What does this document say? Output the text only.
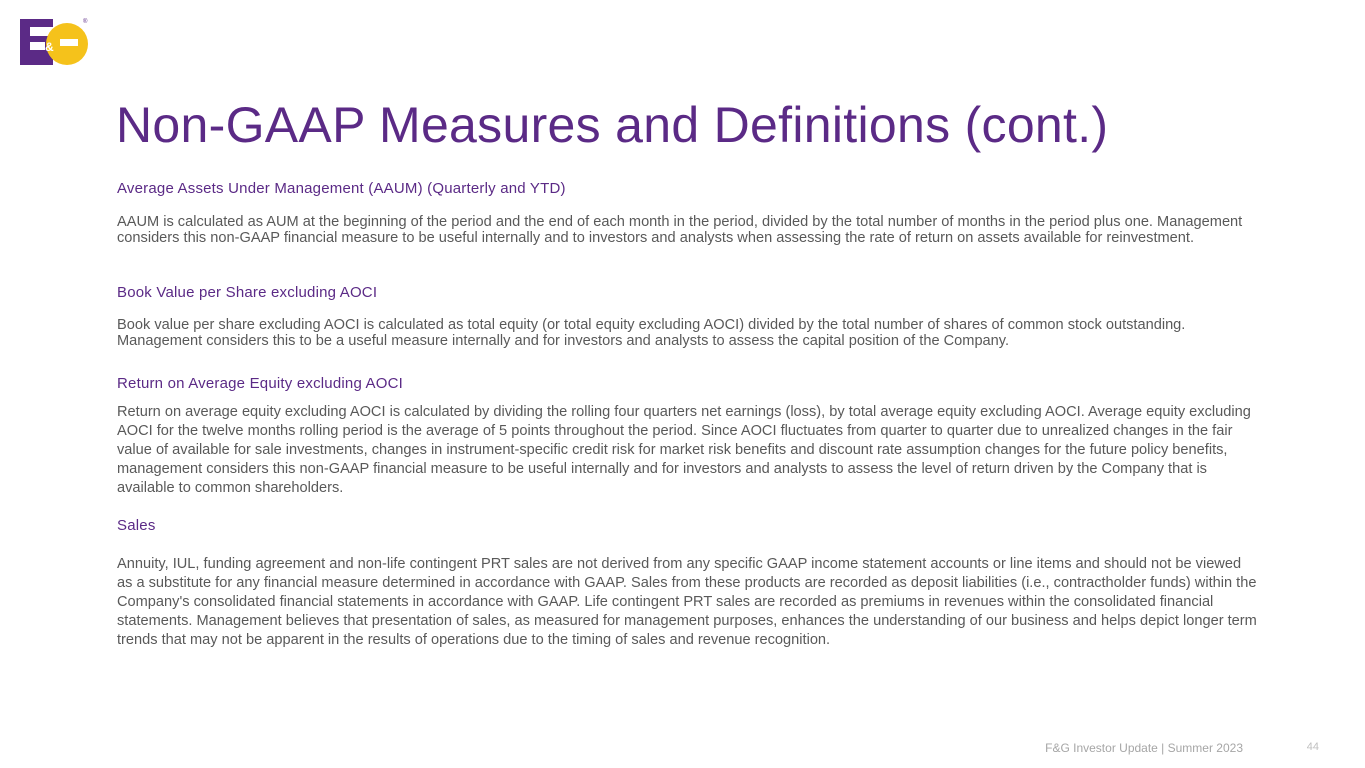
&
®
Non-GAAP Measures and Definitions (cont.)
Average Assets Under Management (AAUM) (Quarterly and YTD)

AAUM is calculated as AUM at the beginning of the period and the end of each month in the period, divided by the total number of months in the period plus one. Management considers this non-GAAP financial measure to be useful internally and to investors and analysts when assessing the rate of return on assets available for reinvestment.

Book Value per Share excluding AOCI

Book value per share excluding AOCI is calculated as total equity (or total equity excluding AOCI) divided by the total number of shares of common stock outstanding. Management considers this to be a useful measure internally and for investors and analysts to assess the capital position of the Company.

Return on Average Equity excluding AOCI

Return on average equity excluding AOCI is calculated by dividing the rolling four quarters net earnings (loss), by total average equity excluding AOCI. Average equity excluding AOCI for the twelve months rolling period is the average of 5 points throughout the period. Since AOCI fluctuates from quarter to quarter due to unrealized changes in the fair value of available for sale investments, changes in instrument-specific credit risk for market risk benefits and discount rate assumption changes for the future policy benefits, management considers this non-GAAP financial measure to be useful internally and for investors and analysts to assess the level of return driven by the Company that is available to common shareholders.

Sales

Annuity, IUL, funding agreement and non-life contingent PRT sales are not derived from any specific GAAP income statement accounts or line items and should not be viewed as a substitute for any financial measure determined in accordance with GAAP. Sales from these products are recorded as deposit liabilities (i.e., contractholder funds) within the Company's consolidated financial statements in accordance with GAAP. Life contingent PRT sales are recorded as premiums in revenues within the consolidated financial statements. Management believes that presentation of sales, as measured for management purposes, enhances the understanding of our business and helps depict longer term trends that may not be apparent in the results of operations due to the timing of sales and revenue recognition.

F&G Investor Update | Summer 2023	44
